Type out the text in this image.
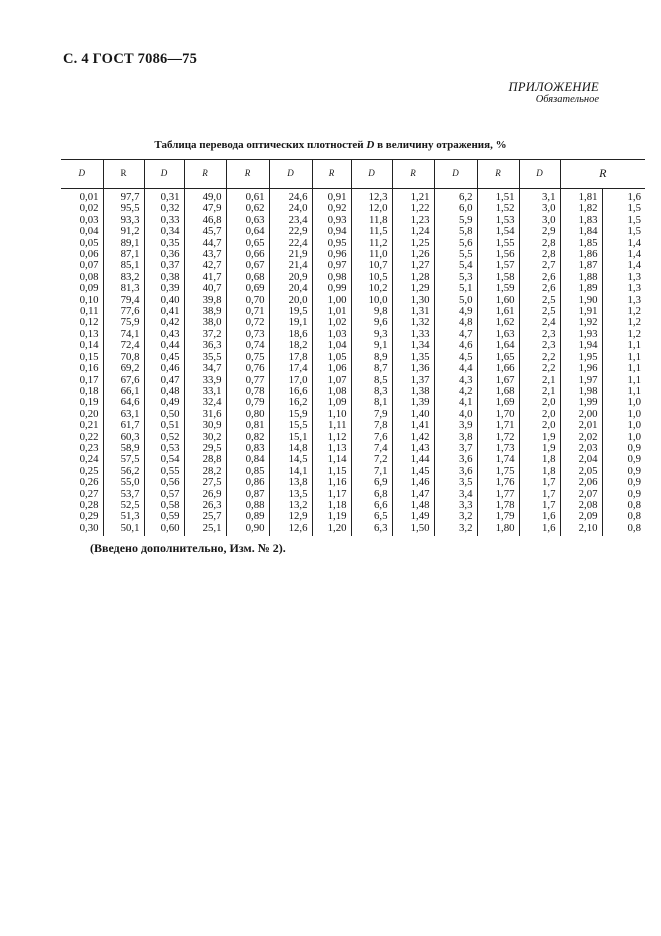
С. 4 ГОСТ 7086—75
ПРИЛОЖЕНИЕ
Обязательное
Таблица перевода оптических плотностей D в величину отражения, %
D	R	D	R	R	D	R	D	R	D	R	D	R	
0,01	97,7	0,31	49,0	0,61	24,6	0,91	12,3	1,21	6,2	1,51	3,1	1,81	1,6
0,02	95,5	0,32	47,9	0,62	24,0	0,92	12,0	1,22	6,0	1,52	3,0	1,82	1,5
0,03	93,3	0,33	46,8	0,63	23,4	0,93	11,8	1,23	5,9	1,53	3,0	1,83	1,5
0,04	91,2	0,34	45,7	0,64	22,9	0,94	11,5	1,24	5,8	1,54	2,9	1,84	1,5
0,05	89,1	0,35	44,7	0,65	22,4	0,95	11,2	1,25	5,6	1,55	2,8	1,85	1,4
0,06	87,1	0,36	43,7	0,66	21,9	0,96	11,0	1,26	5,5	1,56	2,8	1,86	1,4
0,07	85,1	0,37	42,7	0,67	21,4	0,97	10,7	1,27	5,4	1,57	2,7	1,87	1,4
0,08	83,2	0,38	41,7	0,68	20,9	0,98	10,5	1,28	5,3	1,58	2,6	1,88	1,3
0,09	81,3	0,39	40,7	0,69	20,4	0,99	10,2	1,29	5,1	1,59	2,6	1,89	1,3
0,10	79,4	0,40	39,8	0,70	20,0	1,00	10,0	1,30	5,0	1,60	2,5	1,90	1,3
0,11	77,6	0,41	38,9	0,71	19,5	1,01	9,8	1,31	4,9	1,61	2,5	1,91	1,2
0,12	75,9	0,42	38,0	0,72	19,1	1,02	9,6	1,32	4,8	1,62	2,4	1,92	1,2
0,13	74,1	0,43	37,2	0,73	18,6	1,03	9,3	1,33	4,7	1,63	2,3	1,93	1,2
0,14	72,4	0,44	36,3	0,74	18,2	1,04	9,1	1,34	4,6	1,64	2,3	1,94	1,1
0,15	70,8	0,45	35,5	0,75	17,8	1,05	8,9	1,35	4,5	1,65	2,2	1,95	1,1
0,16	69,2	0,46	34,7	0,76	17,4	1,06	8,7	1,36	4,4	1,66	2,2	1,96	1,1
0,17	67,6	0,47	33,9	0,77	17,0	1,07	8,5	1,37	4,3	1,67	2,1	1,97	1,1
0,18	66,1	0,48	33,1	0,78	16,6	1,08	8,3	1,38	4,2	1,68	2,1	1,98	1,1
0,19	64,6	0,49	32,4	0,79	16,2	1,09	8,1	1,39	4,1	1,69	2,0	1,99	1,0
0,20	63,1	0,50	31,6	0,80	15,9	1,10	7,9	1,40	4,0	1,70	2,0	2,00	1,0
0,21	61,7	0,51	30,9	0,81	15,5	1,11	7,8	1,41	3,9	1,71	2,0	2,01	1,0
0,22	60,3	0,52	30,2	0,82	15,1	1,12	7,6	1,42	3,8	1,72	1,9	2,02	1,0
0,23	58,9	0,53	29,5	0,83	14,8	1,13	7,4	1,43	3,7	1,73	1,9	2,03	0,9
0,24	57,5	0,54	28,8	0,84	14,5	1,14	7,2	1,44	3,6	1,74	1,8	2,04	0,9
0,25	56,2	0,55	28,2	0,85	14,1	1,15	7,1	1,45	3,6	1,75	1,8	2,05	0,9
0,26	55,0	0,56	27,5	0,86	13,8	1,16	6,9	1,46	3,5	1,76	1,7	2,06	0,9
0,27	53,7	0,57	26,9	0,87	13,5	1,17	6,8	1,47	3,4	1,77	1,7	2,07	0,9
0,28	52,5	0,58	26,3	0,88	13,2	1,18	6,6	1,48	3,3	1,78	1,7	2,08	0,8
0,29	51,3	0,59	25,7	0,89	12,9	1,19	6,5	1,49	3,2	1,79	1,6	2,09	0,8
0,30	50,1	0,60	25,1	0,90	12,6	1,20	6,3	1,50	3,2	1,80	1,6	2,10	0,8
(Введено дополнительно, Изм. № 2).
